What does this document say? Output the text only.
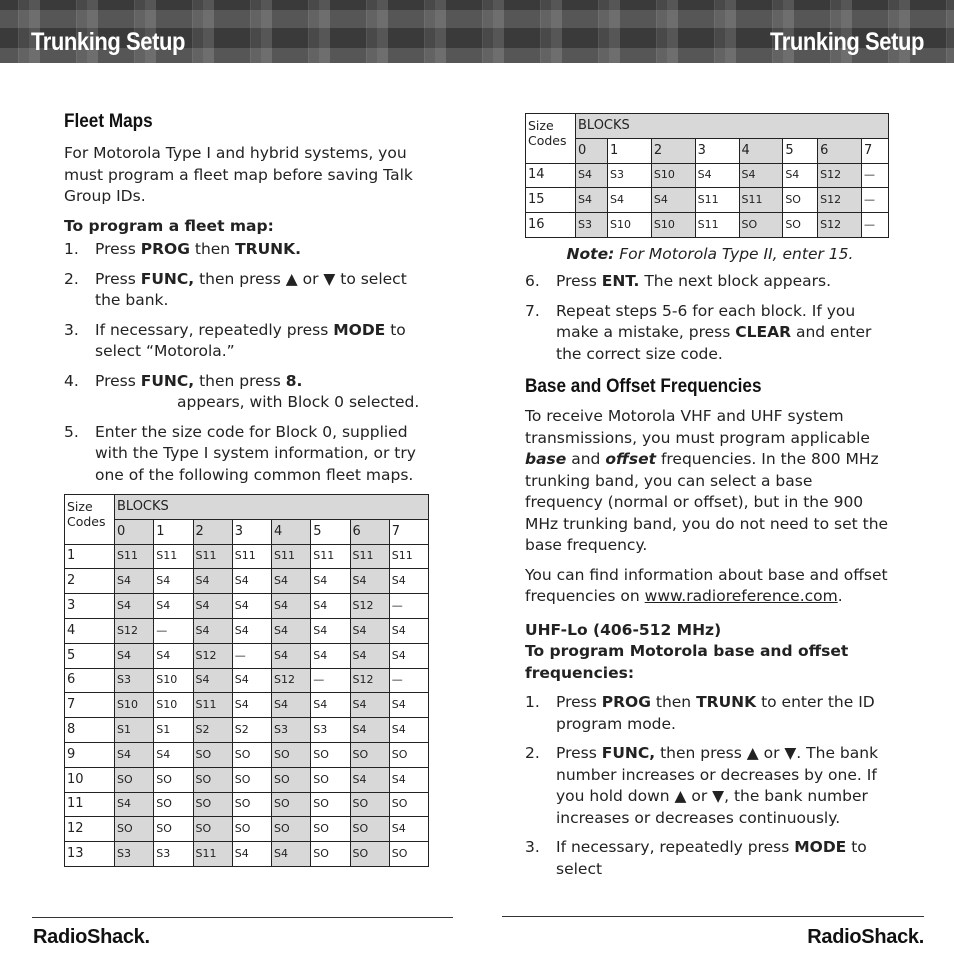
Trunking Setup	Trunking Setup
Fleet Maps

For Motorola Type I and hybrid systems, you must program a fleet map before saving Talk Group IDs.

To program a fleet map:

1. Press PROG then TRUNK.
2. Press FUNC, then press ▲ or ▼ to select the bank.
3. If necessary, repeatedly press MODE to select “Motorola.”
4. Press FUNC, then press 8.
appears, with Block 0 selected.
5. Enter the size code for Block 0, supplied with the Type I system information, or try one of the following common fleet maps.
Size
Codes	BLOCKS							
	0	1	2	3	4	5	6	7
1	S11	S11	S11	S11	S11	S11	S11	S11
2	S4	S4	S4	S4	S4	S4	S4	S4
3	S4	S4	S4	S4	S4	S4	S12	—
4	S12	—	S4	S4	S4	S4	S4	S4
5	S4	S4	S12	—	S4	S4	S4	S4
6	S3	S10	S4	S4	S12	—	S12	—
7	S10	S10	S11	S4	S4	S4	S4	S4
8	S1	S1	S2	S2	S3	S3	S4	S4
9	S4	S4	SO	SO	SO	SO	SO	SO
10	SO	SO	SO	SO	SO	SO	S4	S4
11	S4	SO	SO	SO	SO	SO	SO	SO
12	SO	SO	SO	SO	SO	SO	SO	S4
13	S3	S3	S11	S4	S4	SO	SO	SO
Size
Codes	BLOCKS							
	0	1	2	3	4	5	6	7
14	S4	S3	S10	S4	S4	S4	S12	—
15	S4	S4	S4	S11	S11	SO	S12	—
16	S3	S10	S10	S11	SO	SO	S12	—

Note: For Motorola Type II, enter 15.

6. Press ENT. The next block appears.
7. Repeat steps 5-6 for each block. If you make a mistake, press CLEAR and enter the correct size code.
Base and Offset Frequencies

To receive Motorola VHF and UHF system transmissions, you must program applicable base and offset frequencies. In the 800 MHz trunking band, you can select a base frequency (normal or offset), but in the 900 MHz trunking band, you do not need to set the base frequency.

You can find information about base and offset frequencies on www.radioreference.com.

UHF-Lo (406-512 MHz)

To program Motorola base and offset frequencies:

1. Press PROG then TRUNK to enter the ID program mode.
2. Press FUNC, then press ▲ or ▼. The bank number increases or decreases by one. If you hold down ▲ or ▼, the bank number increases or decreases continuously.
3. If necessary, repeatedly press MODE to select
RadioShack.	RadioShack.
